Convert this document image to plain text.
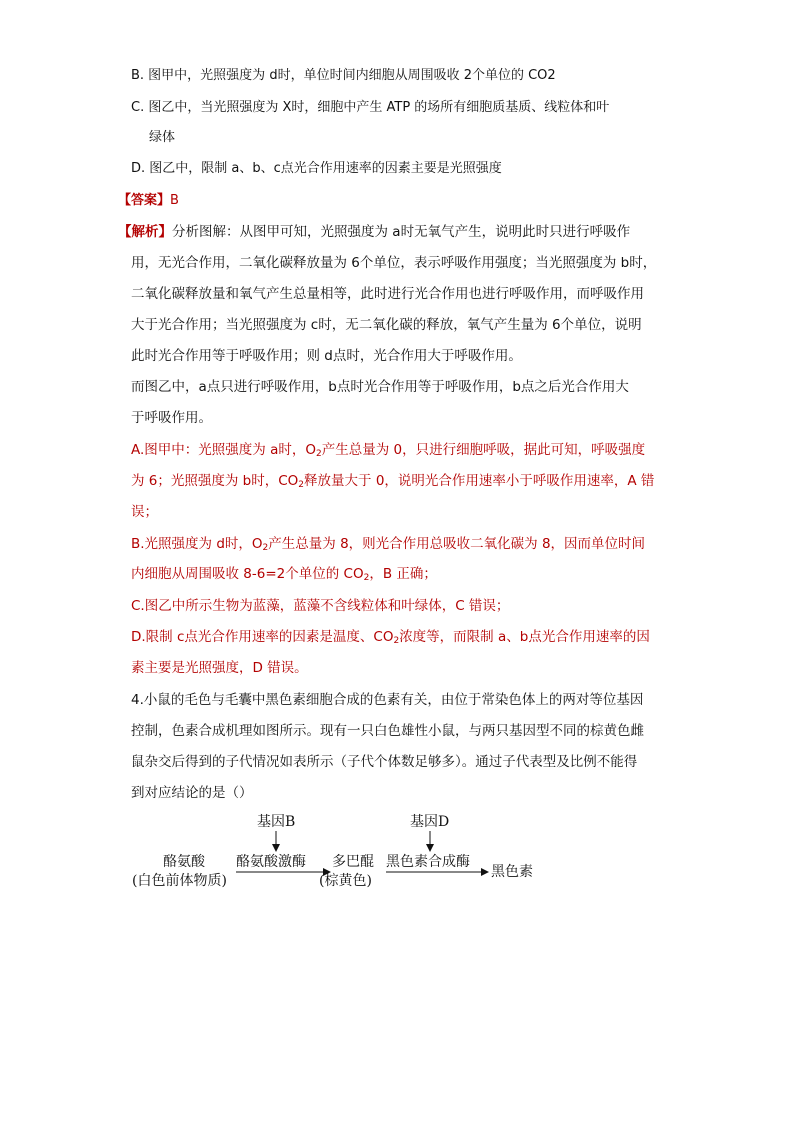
B. 图甲中，光照强度为 d时，单位时间内细胞从周围吸收 2个单位的 CO2
C. 图乙中，当光照强度为 X时，细胞中产生 ATP 的场所有细胞质基质、线粒体和叶
绿体
D. 图乙中，限制 a、b、c点光合作用速率的因素主要是光照强度
【答案】B
【解析】分析图解：从图甲可知，光照强度为 a时无氧气产生，说明此时只进行呼吸作
用，无光合作用，二氧化碳释放量为 6个单位，表示呼吸作用强度；当光照强度为 b时，
二氧化碳释放量和氧气产生总量相等，此时进行光合作用也进行呼吸作用，而呼吸作用
大于光合作用；当光照强度为 c时，无二氧化碳的释放，氧气产生量为 6个单位，说明
此时光合作用等于呼吸作用；则 d点时，光合作用大于呼吸作用。
而图乙中，a点只进行呼吸作用，b点时光合作用等于呼吸作用，b点之后光合作用大
于呼吸作用。
A.图甲中：光照强度为 a时，$O_2$产生总量为 0，只进行细胞呼吸，据此可知，呼吸强度
为 6；光照强度为 b时，$CO_2$释放量大于 0，说明光合作用速率小于呼吸作用速率，A 错
误；
B.光照强度为 d时，$O_2$产生总量为 8，则光合作用总吸收二氧化碳为 8，因而单位时间
内细胞从周围吸收 8-6=2个单位的 $CO_2$，B 正确；
C.图乙中所示生物为蓝藻，蓝藻不含线粒体和叶绿体，C 错误；
D.限制 c点光合作用速率的因素是温度、$CO_2$浓度等，而限制 a、b点光合作用速率的因
素主要是光照强度，D 错误。
4.小鼠的毛色与毛囊中黑色素细胞合成的色素有关，由位于常染色体上的两对等位基因
控制，色素合成机理如图所示。现有一只白色雄性小鼠，与两只基因型不同的棕黄色雌
鼠杂交后得到的子代情况如表所示（子代个体数足够多）。通过子代表型及比例不能得
到对应结论的是（）
酪氨酸
(白色前体物质)
基因B
酪氨酸激酶 多巴醌
(棕黄色)
基因D
黑色素合成酶
黑色素
